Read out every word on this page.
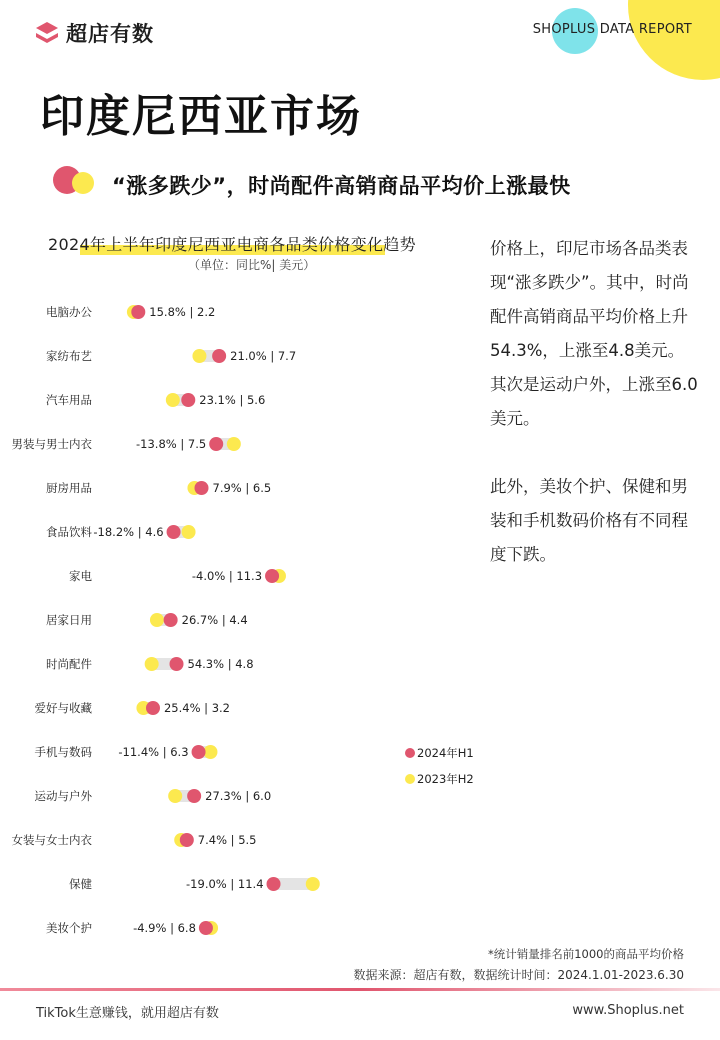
超店有数	SHOPLUS DATA REPORT
印度尼西亚市场
“涨多跌少”，时尚配件高销商品平均价上涨最快
2024年上半年印度尼西亚电商各品类价格变化趋势
（单位：同比%| 美元）
电脑办公	15.8% | 2.2
家纺布艺	21.0% | 7.7
汽车用品	23.1% | 5.6
男装与男士内衣	-13.8% | 7.5
厨房用品	7.9% | 6.5
食品饮料 -18.2% | 4.6
家电	-4.0% | 11.3
居家日用	26.7% | 4.4
时尚配件	54.3% | 4.8
爱好与收藏	25.4% | 3.2
手机与数码 -11.4% | 6.3
运动与户外	27.3% | 6.0
女装与女士内衣	7.4% | 5.5
保健	-19.0% | 11.4
美妆个护	-4.9% | 6.8

价格上，印尼市场各品类表现“涨多跌少”。其中，时尚配件高销商品平均价格上升54.3%，上涨至4.8美元。其次是运动户外，上涨至6.0美元。

此外，美妆个护、保健和男装和手机数码价格有不同程度下跌。

2024年H1
2023年H2
*统计销量排名前1000的商品平均价格
数据来源：超店有数，数据统计时间：2024.1.01-2023.6.30
TikTok生意赚钱，就用超店有数	www.Shoplus.net
